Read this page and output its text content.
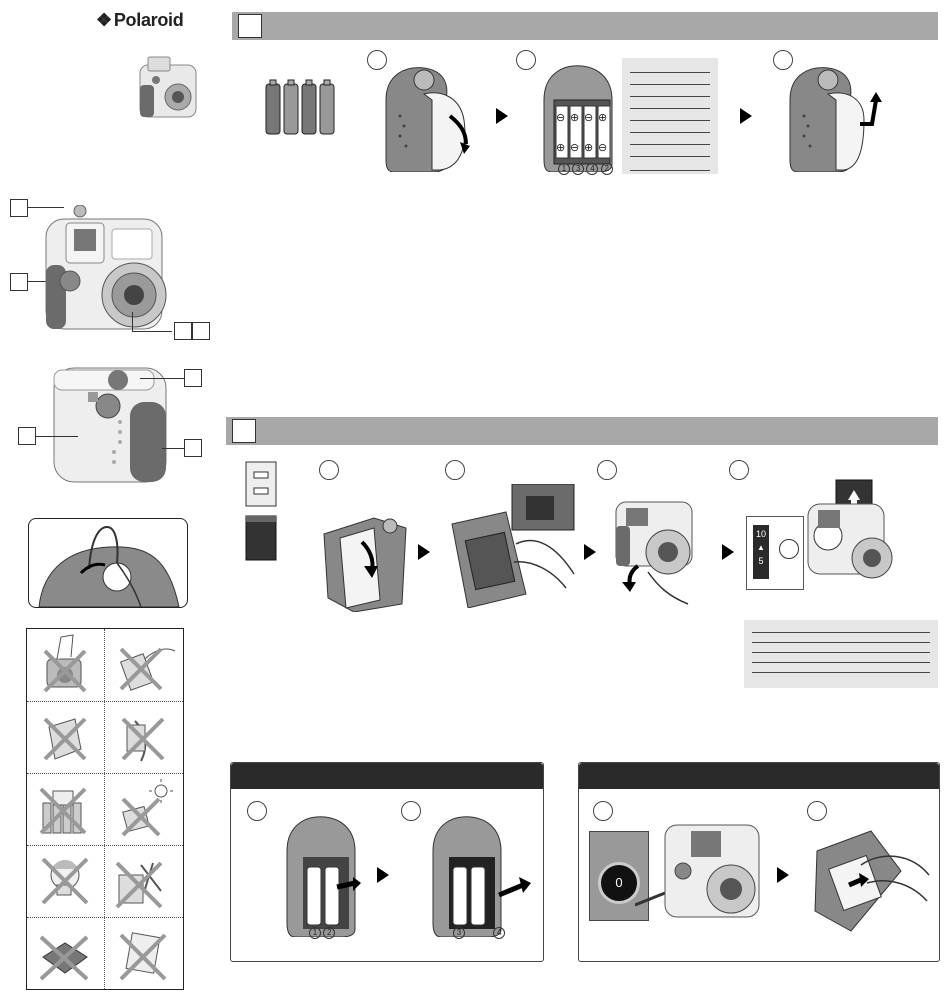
❖ Polaroid
⊖ ⊕ ⊖ ⊕
⊕ ⊖ ⊕ ⊖
1 3 4 2
10
▲
5
1 2	3	4
0
